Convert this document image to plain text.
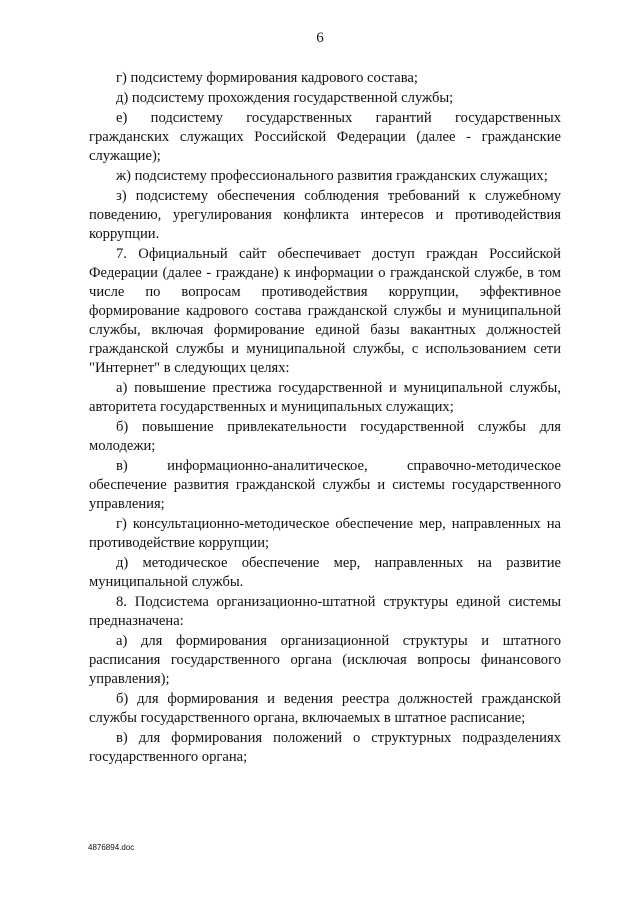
6

г) подсистему формирования кадрового состава;

д) подсистему прохождения государственной службы;

е) подсистему государственных гарантий государственных гражданских служащих Российской Федерации (далее - гражданские служащие);

ж) подсистему профессионального развития гражданских служащих;

з) подсистему обеспечения соблюдения требований к служебному поведению, урегулирования конфликта интересов и противодействия коррупции.

7. Официальный сайт обеспечивает доступ граждан Российской Федерации (далее - граждане) к информации о гражданской службе, в том числе по вопросам противодействия коррупции, эффективное формирование кадрового состава гражданской службы и муниципальной службы, включая формирование единой базы вакантных должностей гражданской службы и муниципальной службы, с использованием сети "Интернет" в следующих целях:

а) повышение престижа государственной и муниципальной службы, авторитета государственных и муниципальных служащих;

б) повышение привлекательности государственной службы для молодежи;

в) информационно-аналитическое, справочно-методическое обеспечение развития гражданской службы и системы государственного управления;

г) консультационно-методическое обеспечение мер, направленных на противодействие коррупции;

д) методическое обеспечение мер, направленных на развитие муниципальной службы.

8. Подсистема организационно-штатной структуры единой системы предназначена:

а) для формирования организационной структуры и штатного расписания государственного органа (исключая вопросы финансового управления);

б) для формирования и ведения реестра должностей гражданской службы государственного органа, включаемых в штатное расписание;

в) для формирования положений о структурных подразделениях государственного органа;

4876894.doc
